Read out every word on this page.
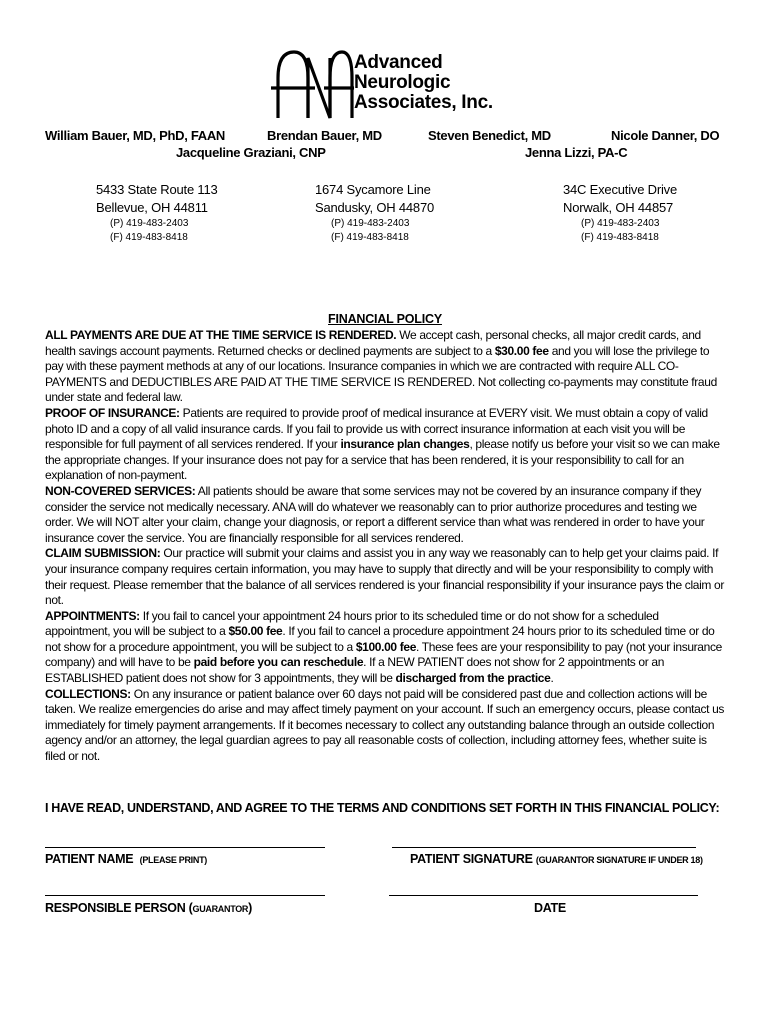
Advanced
Neurologic
Associates, Inc.
William Bauer, MD, PhD, FAAN	Brendan Bauer, MD	Steven Benedict, MD	Nicole Danner, DO
Jacqueline Graziani, CNP	Jenna Lizzi, PA-C
5433 State Route 113
Bellevue, OH 44811
(P) 419-483-2403
(F) 419-483-8418
1674 Sycamore Line
Sandusky, OH 44870
(P) 419-483-2403
(F) 419-483-8418
34C Executive Drive
Norwalk, OH 44857
(P) 419-483-2403
(F) 419-483-8418
FINANCIAL POLICY

ALL PAYMENTS ARE DUE AT THE TIME SERVICE IS RENDERED. We accept cash, personal checks, all major credit cards, and health savings account payments. Returned checks or declined payments are subject to a $30.00 fee and you will lose the privilege to pay with these payment methods at any of our locations. Insurance companies in which we are contracted with require ALL CO-PAYMENTS and DEDUCTIBLES ARE PAID AT THE TIME SERVICE IS RENDERED. Not collecting co-payments may constitute fraud under state and federal law.

PROOF OF INSURANCE: Patients are required to provide proof of medical insurance at EVERY visit. We must obtain a copy of valid photo ID and a copy of all valid insurance cards. If you fail to provide us with correct insurance information at each visit you will be responsible for full payment of all services rendered. If your insurance plan changes, please notify us before your visit so we can make the appropriate changes. If your insurance does not pay for a service that has been rendered, it is your responsibility to call for an explanation of non-payment.

NON-COVERED SERVICES: All patients should be aware that some services may not be covered by an insurance company if they consider the service not medically necessary. ANA will do whatever we reasonably can to prior authorize procedures and testing we order. We will NOT alter your claim, change your diagnosis, or report a different service than what was rendered in order to have your insurance cover the service. You are financially responsible for all services rendered.

CLAIM SUBMISSION: Our practice will submit your claims and assist you in any way we reasonably can to help get your claims paid. If your insurance company requires certain information, you may have to supply that directly and will be your responsibility to comply with their request. Please remember that the balance of all services rendered is your financial responsibility if your insurance pays the claim or not.

APPOINTMENTS: If you fail to cancel your appointment 24 hours prior to its scheduled time or do not show for a scheduled appointment, you will be subject to a $50.00 fee. If you fail to cancel a procedure appointment 24 hours prior to its scheduled time or do not show for a procedure appointment, you will be subject to a $100.00 fee. These fees are your responsibility to pay (not your insurance company) and will have to be paid before you can reschedule. If a NEW PATIENT does not show for 2 appointments or an ESTABLISHED patient does not show for 3 appointments, they will be discharged from the practice.

COLLECTIONS: On any insurance or patient balance over 60 days not paid will be considered past due and collection actions will be taken. We realize emergencies do arise and may affect timely payment on your account. If such an emergency occurs, please contact us immediately for timely payment arrangements. If it becomes necessary to collect any outstanding balance through an outside collection agency and/or an attorney, the legal guardian agrees to pay all reasonable costs of collection, including attorney fees, whether suite is filed or not.

I HAVE READ, UNDERSTAND, AND AGREE TO THE TERMS AND CONDITIONS SET FORTH IN THIS FINANCIAL POLICY:
PATIENT NAME (PLEASE PRINT)	PATIENT SIGNATURE (GUARANTOR SIGNATURE IF UNDER 18)
RESPONSIBLE PERSON (GUARANTOR)	DATE
